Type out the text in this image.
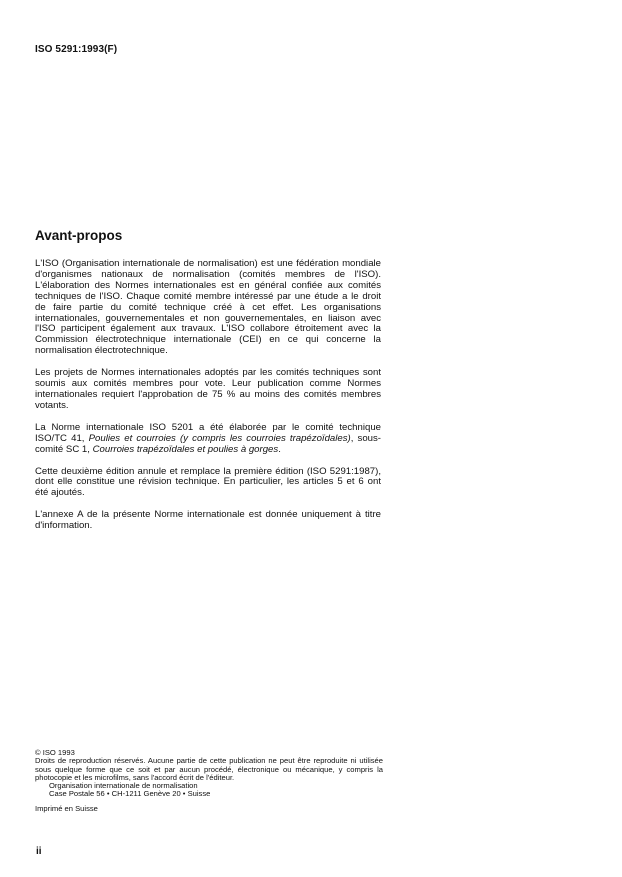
ISO 5291:1993(F)
Avant-propos

L'ISO (Organisation internationale de normalisation) est une fédération mondiale d'organismes nationaux de normalisation (comités membres de l'ISO). L'élaboration des Normes internationales est en général confiée aux comités techniques de l'ISO. Chaque comité membre intéressé par une étude a le droit de faire partie du comité technique créé à cet effet. Les organisations internationales, gouvernementales et non gouvernementales, en liaison avec l'ISO participent également aux travaux. L'ISO collabore étroitement avec la Commission électrotechnique internationale (CEI) en ce qui concerne la normalisation électrotechnique.

Les projets de Normes internationales adoptés par les comités techniques sont soumis aux comités membres pour vote. Leur publication comme Normes internationales requiert l'approbation de 75 % au moins des comités membres votants.

La Norme internationale ISO 5201 a été élaborée par le comité technique ISO/TC 41, Poulies et courroies (y compris les courroies trapézoïdales), sous-comité SC 1, Courroies trapézoïdales et poulies à gorges.

Cette deuxième édition annule et remplace la première édition (ISO 5291:1987), dont elle constitue une révision technique. En particulier, les articles 5 et 6 ont été ajoutés.

L'annexe A de la présente Norme internationale est donnée uniquement à titre d'information.

© ISO 1993

Droits de reproduction réservés. Aucune partie de cette publication ne peut être reproduite ni utilisée sous quelque forme que ce soit et par aucun procédé, électronique ou mécanique, y compris la photocopie et les microfilms, sans l'accord écrit de l'éditeur.

Organisation internationale de normalisation

Case Postale 56 • CH-1211 Genève 20 • Suisse

Imprimé en Suisse

ii
